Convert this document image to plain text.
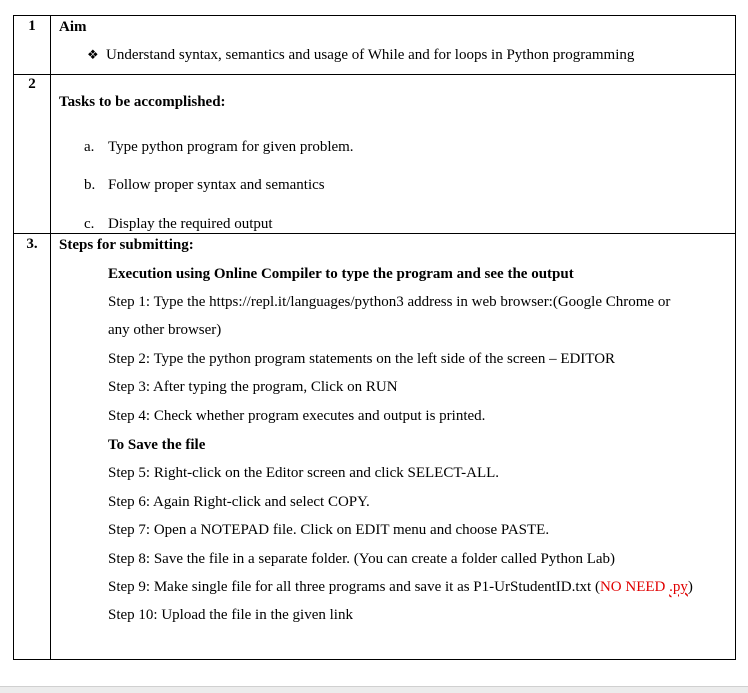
1	Aim
❖ Understand syntax, semantics and usage of While and for loops in Python programming
2
Tasks to be accomplished:
a. Type python program for given problem.
b. Follow proper syntax and semantics
c. Display the required output
3.	Steps for submitting:
Execution using Online Compiler to type the program and see the output
Step 1: Type the https://repl.it/languages/python3 address in web browser:(Google Chrome or
any other browser)
Step 2: Type the python program statements on the left side of the screen – EDITOR
Step 3: After typing the program, Click on RUN
Step 4: Check whether program executes and output is printed.
To Save the file
Step 5: Right-click on the Editor screen and click SELECT-ALL.
Step 6: Again Right-click and select COPY.
Step 7: Open a NOTEPAD file. Click on EDIT menu and choose PASTE.
Step 8: Save the file in a separate folder. (You can create a folder called Python Lab)
Step 9: Make single file for all three programs and save it as P1-UrStudentID.txt (NO NEED .py)
Step 10: Upload the file in the given link
